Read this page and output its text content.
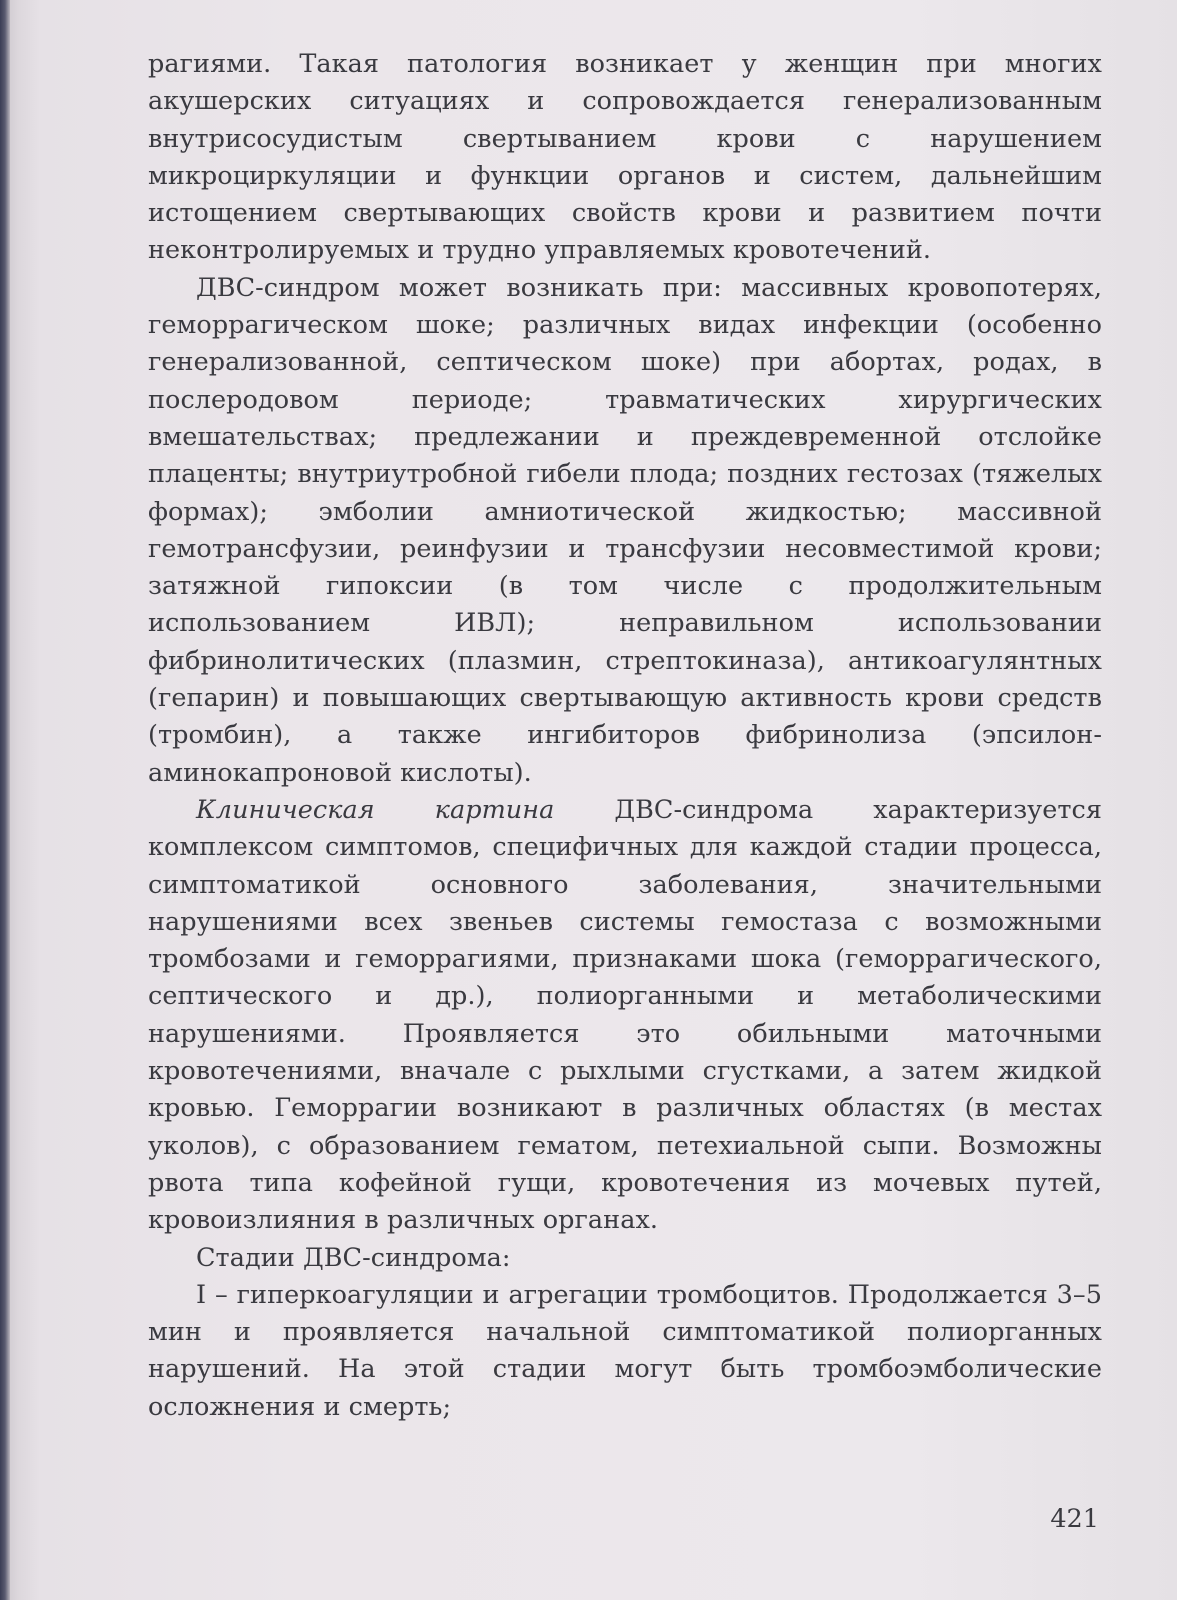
рагиями. Такая патология возникает у женщин при многих акушерских ситуациях и сопровождается генерализованным внутрисосудистым свертыванием крови с нарушением микроциркуляции и функции органов и систем, дальнейшим истощением свертывающих свойств крови и развитием почти неконтролируемых и трудно управляемых кровотечений.

ДВС-синдром может возникать при: массивных кровопотерях, геморрагическом шоке; различных видах инфекции (особенно генерализованной, септическом шоке) при абортах, родах, в послеродовом периоде; травматических хирургических вмешательствах; предлежании и преждевременной отслойке плаценты; внутриутробной гибели плода; поздних гестозах (тяжелых формах); эмболии амниотической жидкостью; массивной гемотрансфузии, реинфузии и трансфузии несовместимой крови; затяжной гипоксии (в том числе с продолжительным использованием ИВЛ); неправильном использовании фибринолитических (плазмин, стрептокиназа), антикоагулянтных (гепарин) и повышающих свертывающую активность крови средств (тромбин), а также ингибиторов фибринолиза (эпсилон-аминокапроновой кислоты).

Клиническая картина ДВС-синдрома характеризуется комплексом симптомов, специфичных для каждой стадии процесса, симптоматикой основного заболевания, значительными нарушениями всех звеньев системы гемостаза с возможными тромбозами и геморрагиями, признаками шока (геморрагического, септического и др.), полиорганными и метаболическими нарушениями. Проявляется это обильными маточными кровотечениями, вначале с рыхлыми сгустками, а затем жидкой кровью. Геморрагии возникают в различных областях (в местах уколов), с образованием гематом, петехиальной сыпи. Возможны рвота типа кофейной гущи, кровотечения из мочевых путей, кровоизлияния в различных органах.

Стадии ДВС-синдрома:

I – гиперкоагуляции и агрегации тромбоцитов. Продолжается 3–5 мин и проявляется начальной симптоматикой полиорганных нарушений. На этой стадии могут быть тромбоэмболические осложнения и смерть;

421
